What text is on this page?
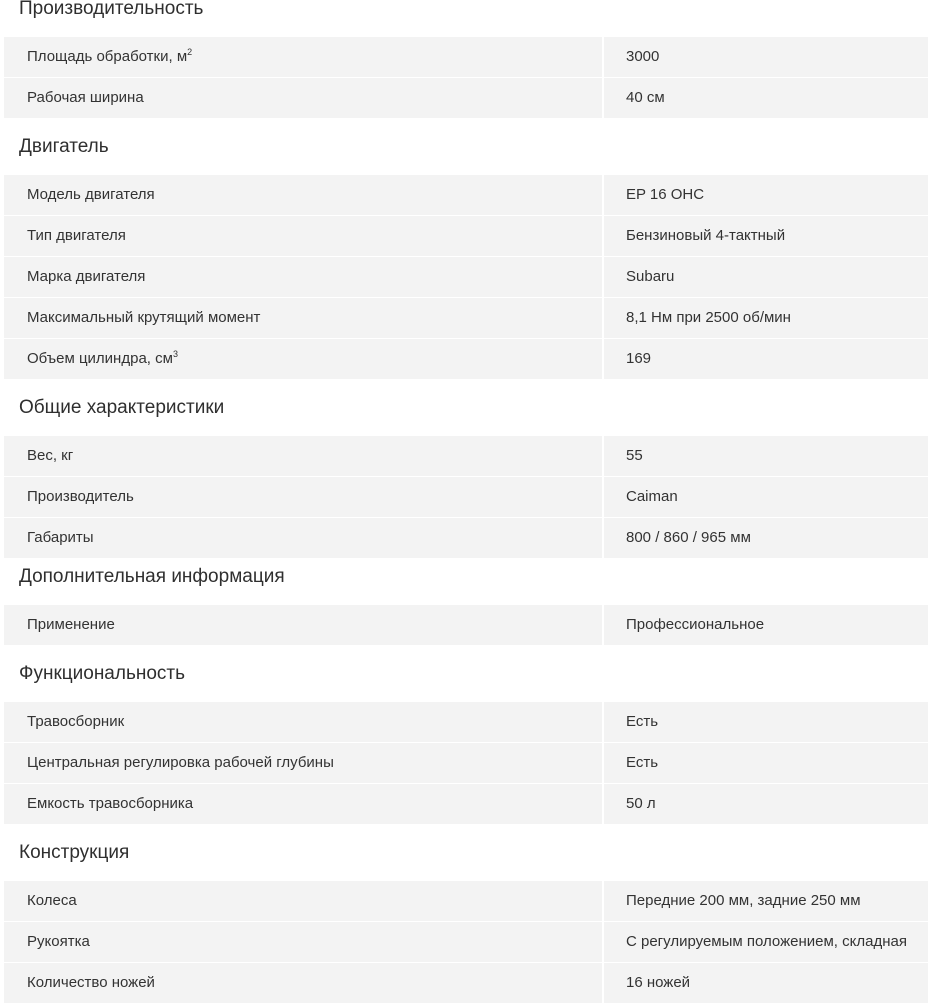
Производительность
Площадь обработки, $м^2$	3000
Рабочая ширина	40 см
Двигатель
Модель двигателя	EP 16 OHC
Тип двигателя	Бензиновый 4-тактный
Марка двигателя	Subaru
Максимальный крутящий момент	8,1 Нм при 2500 об/мин
Объем цилиндра, $см^3$	169
Общие характеристики
Вес, кг	55
Производитель	Caiman
Габариты	800 / 860 / 965 мм
Дополнительная информация
Применение	Профессиональное
Функциональность
Травосборник	Есть
Центральная регулировка рабочей глубины	Есть
Емкость травосборника	50 л
Конструкция
Колеса	Передние 200 мм, задние 250 мм
Рукоятка	С регулируемым положением, складная
Количество ножей	16 ножей
